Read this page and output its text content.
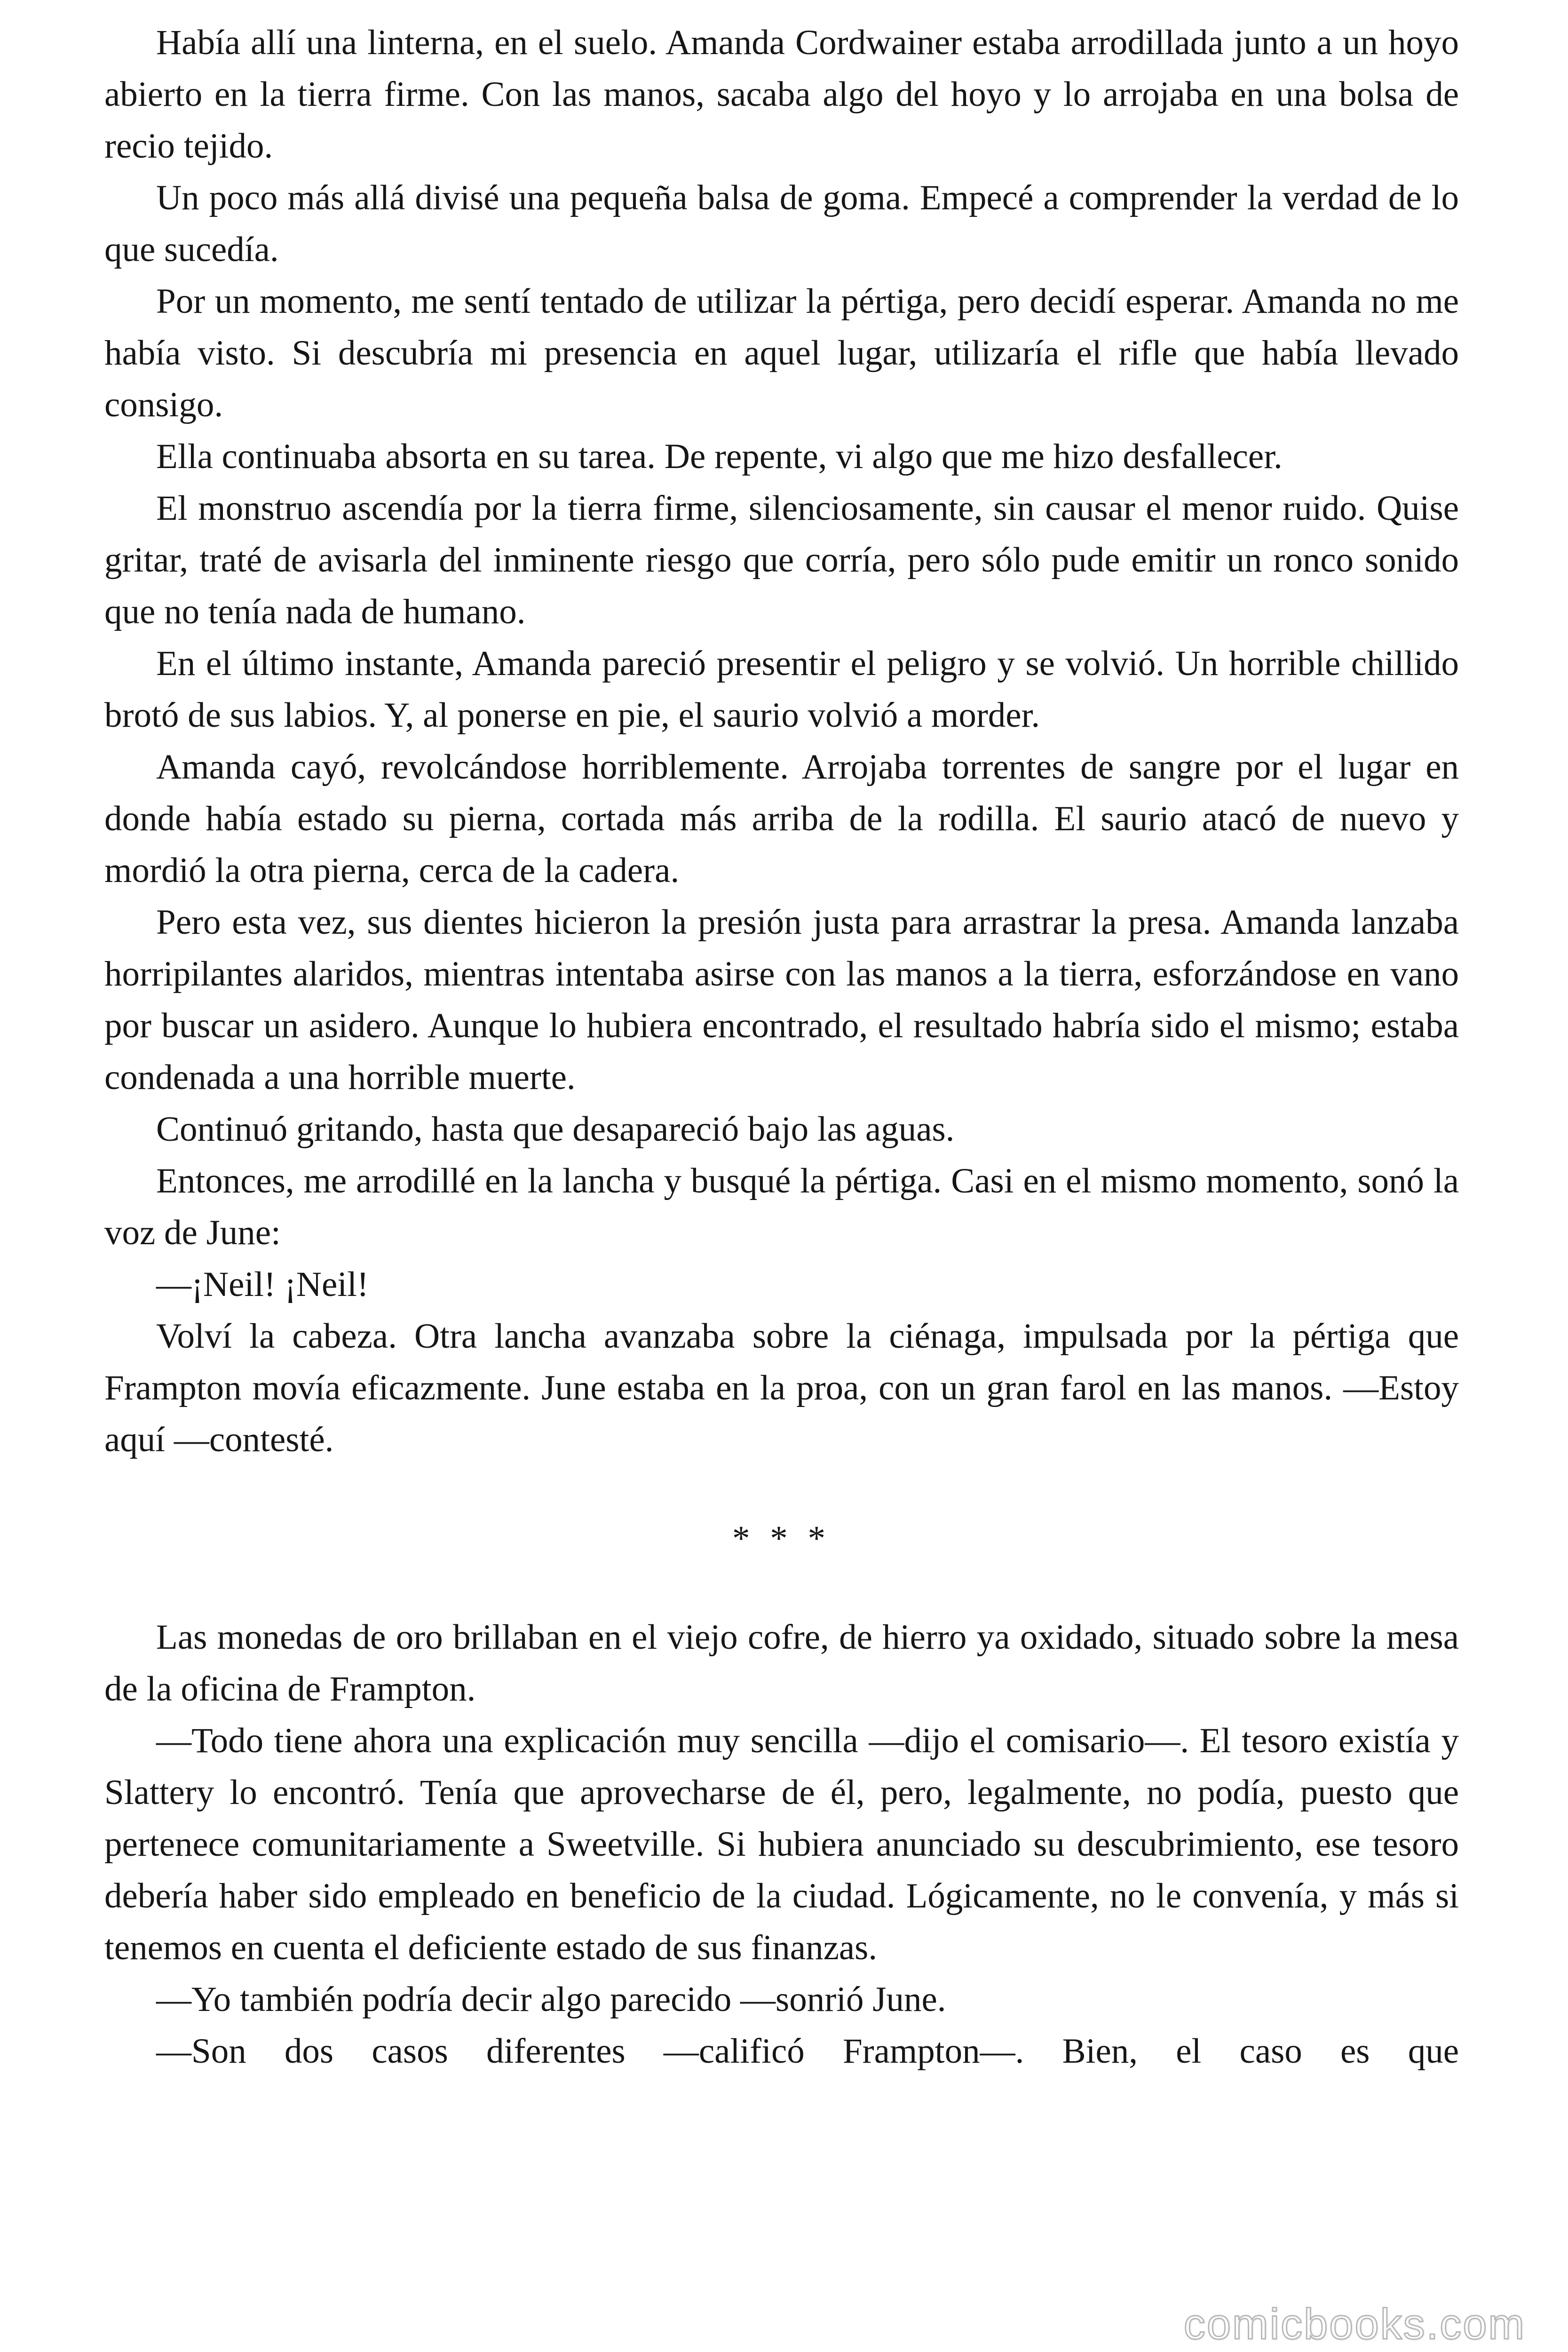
Había allí una linterna, en el suelo. Amanda Cordwainer estaba arrodillada junto a un hoyo abierto en la tierra firme. Con las manos, sacaba algo del hoyo y lo arrojaba en una bolsa de recio tejido.

Un poco más allá divisé una pequeña balsa de goma. Empecé a comprender la verdad de lo que sucedía.

Por un momento, me sentí tentado de utilizar la pértiga, pero decidí esperar. Amanda no me había visto. Si descubría mi presencia en aquel lugar, utilizaría el rifle que había llevado consigo.

Ella continuaba absorta en su tarea. De repente, vi algo que me hizo desfallecer.

El monstruo ascendía por la tierra firme, silenciosamente, sin causar el menor ruido. Quise gritar, traté de avisarla del inminente riesgo que corría, pero sólo pude emitir un ronco sonido que no tenía nada de humano.

En el último instante, Amanda pareció presentir el peligro y se volvió. Un horrible chillido brotó de sus labios. Y, al ponerse en pie, el saurio volvió a morder.

Amanda cayó, revolcándose horriblemente. Arrojaba torrentes de sangre por el lugar en donde había estado su pierna, cortada más arriba de la rodilla. El saurio atacó de nuevo y mordió la otra pierna, cerca de la cadera.

Pero esta vez, sus dientes hicieron la presión justa para arrastrar la presa. Amanda lanzaba horripilantes alaridos, mientras intentaba asirse con las manos a la tierra, esforzándose en vano por buscar un asidero. Aunque lo hubiera encontrado, el resultado habría sido el mismo; estaba condenada a una horrible muerte.

Continuó gritando, hasta que desapareció bajo las aguas.

Entonces, me arrodillé en la lancha y busqué la pértiga. Casi en el mismo momento, sonó la voz de June:

—¡Neil! ¡Neil!

Volví la cabeza. Otra lancha avanzaba sobre la ciénaga, impulsada por la pértiga que Frampton movía eficazmente. June estaba en la proa, con un gran farol en las manos. —Estoy aquí —contesté.

* * *

Las monedas de oro brillaban en el viejo cofre, de hierro ya oxidado, situado sobre la mesa de la oficina de Frampton.

—Todo tiene ahora una explicación muy sencilla —dijo el comisario—. El tesoro existía y Slattery lo encontró. Tenía que aprovecharse de él, pero, legalmente, no podía, puesto que pertenece comunitariamente a Sweetville. Si hubiera anunciado su descubrimiento, ese tesoro debería haber sido empleado en beneficio de la ciudad. Lógicamente, no le convenía, y más si tenemos en cuenta el deficiente estado de sus finanzas.

—Yo también podría decir algo parecido —sonrió June.

—Son dos casos diferentes —calificó Frampton—. Bien, el caso es que

comicbooks.com
